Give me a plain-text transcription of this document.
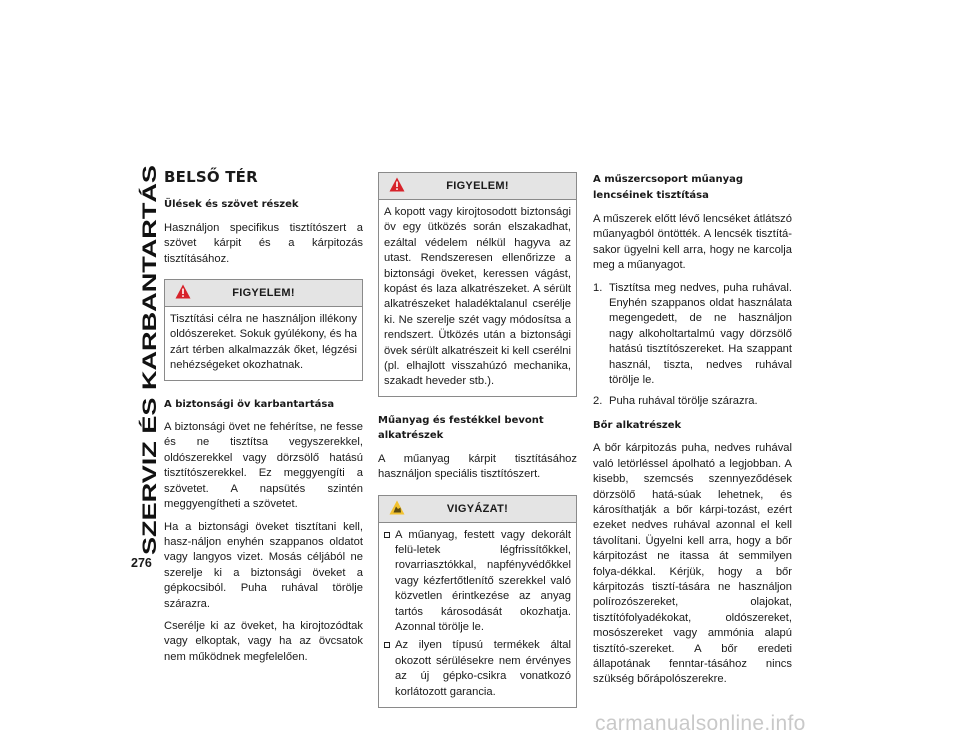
SZERVIZ ÉS KARBANTARTÁS
276
BELSŐ TÉR
Ülések és szövet részek

Használjon specifikus tisztítószert a szövet kárpit és a kárpitozás tisztításához.

FIGYELEM!

Tisztítási célra ne használjon illékony oldószereket. Sokuk gyúlékony, és ha zárt térben alkalmazzák őket, légzési nehézségeket okozhatnak.

A biztonsági öv karbantartása

A biztonsági övet ne fehérítse, ne fesse és ne tisztítsa vegyszerekkel, oldószerekkel vagy dörzsölő hatású tisztítószerekkel. Ez meggyengíti a szövetet. A napsütés szintén meggyengítheti a szövetet.

Ha a biztonsági öveket tisztítani kell, hasz-náljon enyhén szappanos oldatot vagy langyos vizet. Mosás céljából ne szerelje ki a biztonsági öveket a gépkocsiból. Puha ruhával törölje szárazra.

Cserélje ki az öveket, ha kirojtozódtak vagy elkoptak, vagy ha az övcsatok nem működnek megfelelően.

FIGYELEM!

A kopott vagy kirojtosodott biztonsági öv egy ütközés során elszakadhat, ezáltal védelem nélkül hagyva az utast. Rendszeresen ellenőrizze a biztonsági öveket, keressen vágást, kopást és laza alkatrészeket. A sérült alkatrészeket haladéktalanul cserélje ki. Ne szerelje szét vagy módosítsa a rendszert. Ütközés után a biztonsági övek sérült alkatrészeit ki kell cserélni (pl. elhajlott visszahúzó mechanika, szakadt heveder stb.).

Műanyag és festékkel bevont alkatrészek

A műanyag kárpit tisztításához használjon speciális tisztítószert.

VIGYÁZAT!
A műanyag, festett vagy dekorált felü-letek légfrissítőkkel, rovarriasztókkal, napfényvédőkkel vagy kézfertőtlenítő szerekkel való közvetlen érintkezése az anyag tartós károsodását okozhatja. Azonnal törölje le.
Az ilyen típusú termékek által okozott sérülésekre nem érvényes az új gépko-csikra vonatkozó korlátozott garancia.
A műszercsoport műanyag lencséinek tisztítása

A műszerek előtt lévő lencséket átlátszó műanyagból öntötték. A lencsék tisztítá-sakor ügyelni kell arra, hogy ne karcolja meg a műanyagot.

1. Tisztítsa meg nedves, puha ruhával. Enyhén szappanos oldat használata megengedett, de ne használjon nagy alkoholtartalmú vagy dörzsölő hatású tisztítószereket. Ha szappant használ, tiszta, nedves ruhával törölje le.
2. Puha ruhával törölje szárazra.
Bőr alkatrészek

A bőr kárpitozás puha, nedves ruhával való letörléssel ápolható a legjobban. A kisebb, szemcsés szennyeződések dörzsölő hatá-súak lehetnek, és károsíthatják a bőr kárpi-tozást, ezért ezeket nedves ruhával azonnal el kell távolítani. Ügyelni kell arra, hogy a bőr kárpitozást ne itassa át semmilyen folya-dékkal. Kérjük, hogy a bőr kárpitozás tisztí-tására ne használjon polírozószereket, olajokat, tisztítófolyadékokat, oldószereket, mosószereket vagy ammónia alapú tisztító-szereket. A bőr eredeti állapotának fenntar-tásához nincs szükség bőrápolószerekre.

carmanualsonline.info
